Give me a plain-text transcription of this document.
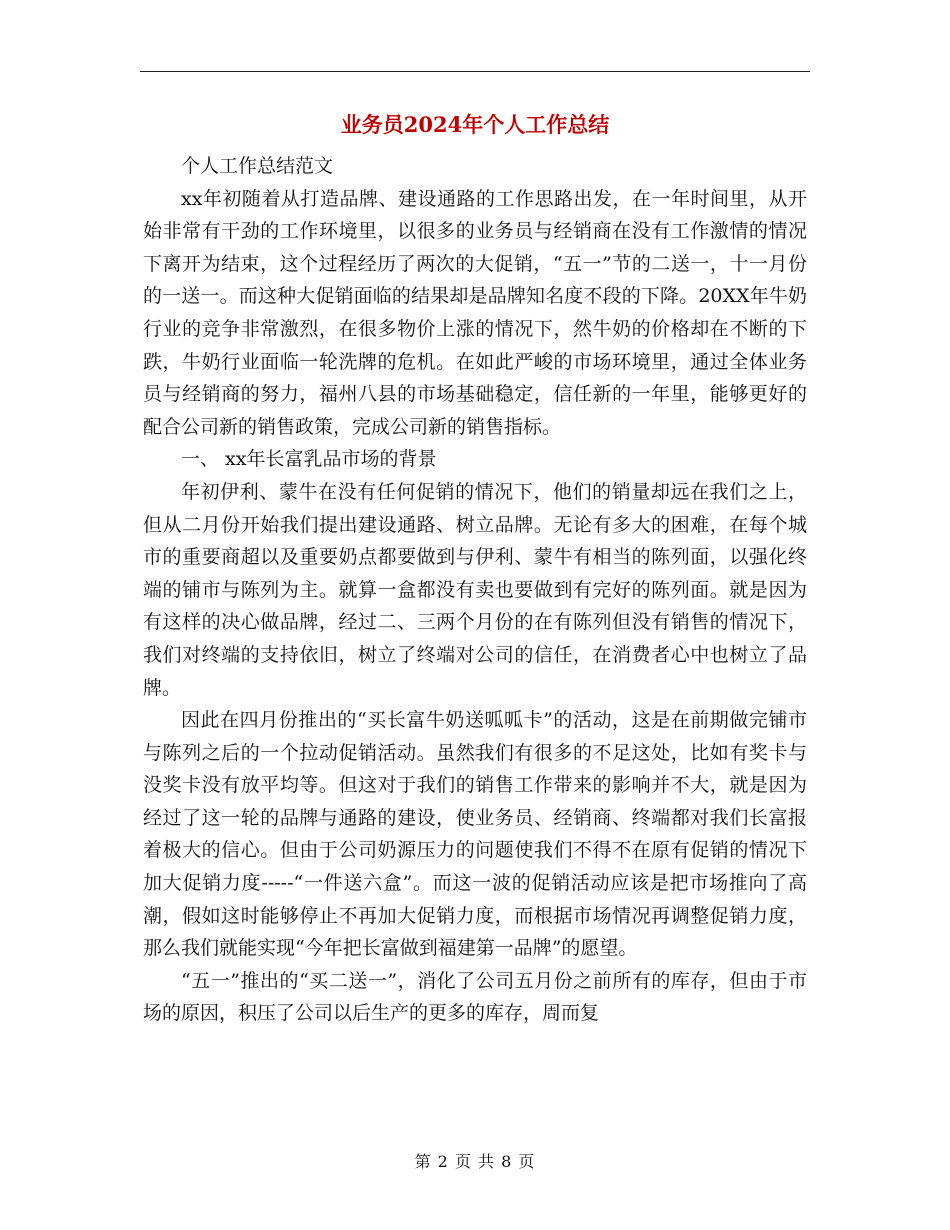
业务员2024年个人工作总结

个人工作总结范文

xx年初随着从打造品牌、建设通路的工作思路出发，在一年时间里，从开始非常有干劲的工作环境里，以很多的业务员与经销商在没有工作激情的情况下离开为结束，这个过程经历了两次的大促销，“五一”节的二送一，十一月份的一送一。而这种大促销面临的结果却是品牌知名度不段的下降。20XX年牛奶行业的竞争非常激烈，在很多物价上涨的情况下，然牛奶的价格却在不断的下跌，牛奶行业面临一轮洗牌的危机。在如此严峻的市场环境里，通过全体业务员与经销商的努力，福州八县的市场基础稳定，信任新的一年里，能够更好的配合公司新的销售政策，完成公司新的销售指标。

一、 xx年长富乳品市场的背景

年初伊利、蒙牛在没有任何促销的情况下，他们的销量却远在我们之上，但从二月份开始我们提出建设通路、树立品牌。无论有多大的困难，在每个城市的重要商超以及重要奶点都要做到与伊利、蒙牛有相当的陈列面，以强化终端的铺市与陈列为主。就算一盒都没有卖也要做到有完好的陈列面。就是因为有这样的决心做品牌，经过二、三两个月份的在有陈列但没有销售的情况下，我们对终端的支持依旧，树立了终端对公司的信任，在消费者心中也树立了品牌。

因此在四月份推出的“买长富牛奶送呱呱卡”的活动，这是在前期做完铺市与陈列之后的一个拉动促销活动。虽然我们有很多的不足这处，比如有奖卡与没奖卡没有放平均等。但这对于我们的销售工作带来的影响并不大，就是因为经过了这一轮的品牌与通路的建设，使业务员、经销商、终端都对我们长富报着极大的信心。但由于公司奶源压力的问题使我们不得不在原有促销的情况下加大促销力度-----“一件送六盒”。而这一波的促销活动应该是把市场推向了高潮，假如这时能够停止不再加大促销力度，而根据市场情况再调整促销力度，那么我们就能实现“今年把长富做到福建第一品牌”的愿望。

“五一”推出的“买二送一”，消化了公司五月份之前所有的库存，但由于市场的原因，积压了公司以后生产的更多的库存，周而复

第 2 页 共 8 页
